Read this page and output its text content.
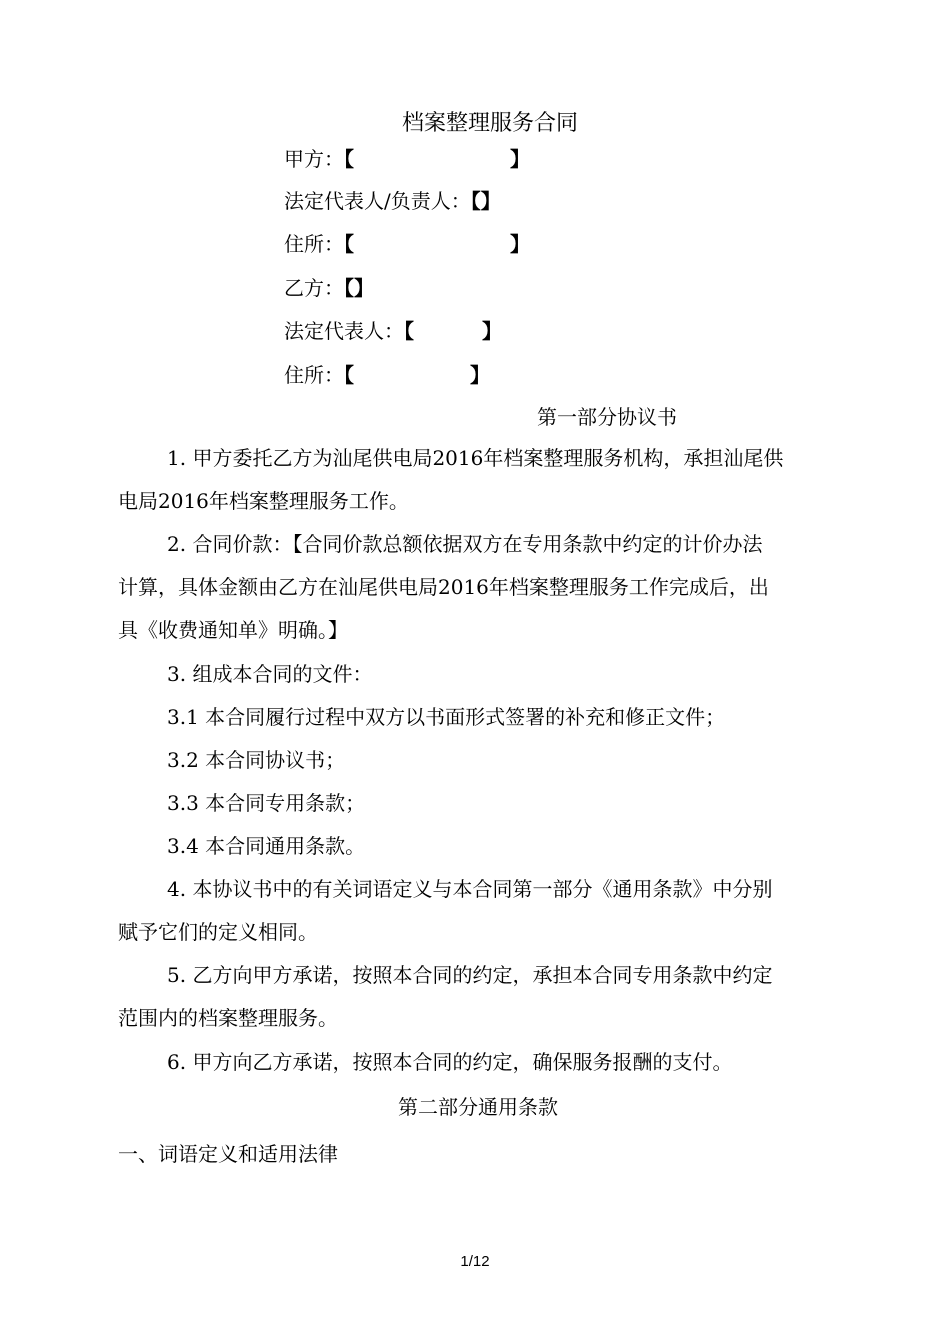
档案整理服务合同
甲方：【	】
法定代表人/负责人：【】
住所：【	】
乙方：【】
法定代表人：【	】
住所：【	】
第一部分协议书
1. 甲方委托乙方为汕尾供电局2016年档案整理服务机构，承担汕尾供
电局2016年档案整理服务工作。
2. 合同价款：【合同价款总额依据双方在专用条款中约定的计价办法
计算，具体金额由乙方在汕尾供电局2016年档案整理服务工作完成后，出
具《收费通知单》明确。】
3. 组成本合同的文件：
3.1 本合同履行过程中双方以书面形式签署的补充和修正文件；
3.2 本合同协议书；
3.3 本合同专用条款；
3.4 本合同通用条款。
4. 本协议书中的有关词语定义与本合同第一部分《通用条款》中分别
赋予它们的定义相同。
5. 乙方向甲方承诺，按照本合同的约定，承担本合同专用条款中约定
范围内的档案整理服务。
6. 甲方向乙方承诺，按照本合同的约定，确保服务报酬的支付。
第二部分通用条款
一、词语定义和适用法律
1/12
